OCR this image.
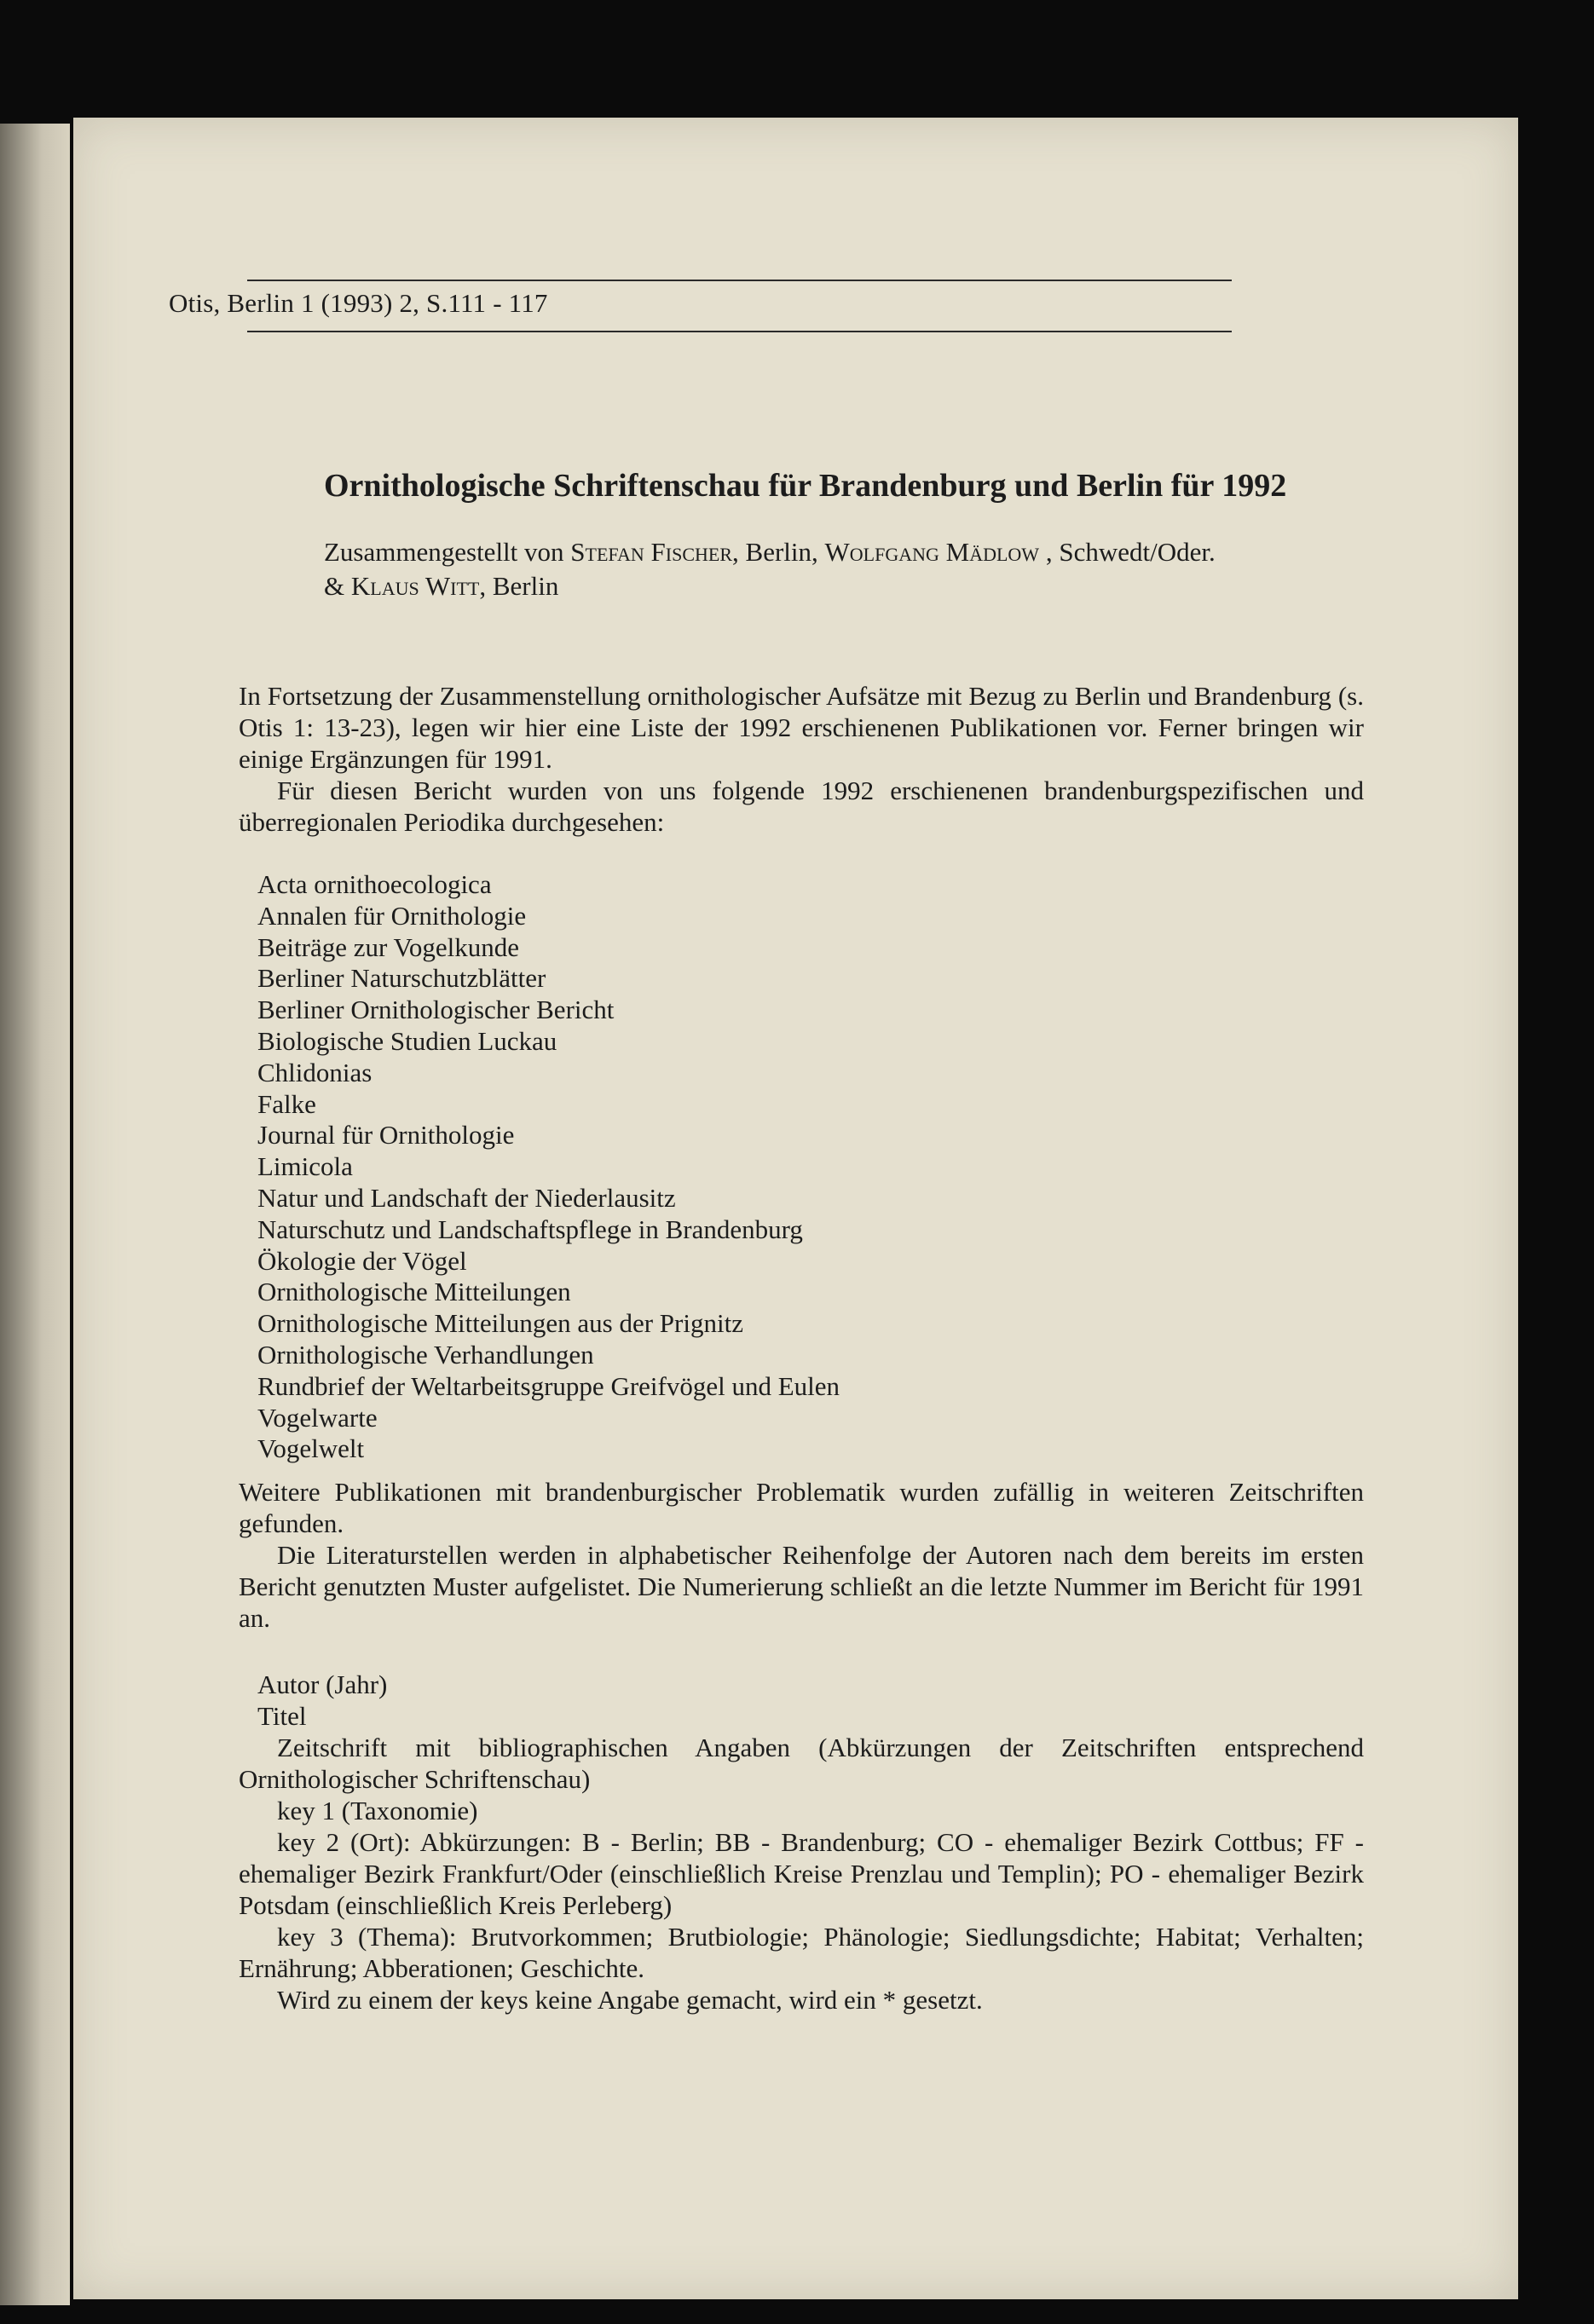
Otis, Berlin 1 (1993) 2, S.111 - 117
Ornithologische Schriftenschau für Brandenburg und Berlin für 1992
Zusammengestellt von Stefan Fischer, Berlin, Wolfgang Mädlow , Schwedt/Oder.
& Klaus Witt, Berlin

In Fortsetzung der Zusammenstellung ornithologischer Aufsätze mit Bezug zu Berlin und Brandenburg (s. Otis 1: 13-23), legen wir hier eine Liste der 1992 erschienenen Publikationen vor. Ferner bringen wir einige Ergänzungen für 1991.

Für diesen Bericht wurden von uns folgende 1992 erschienenen brandenburgspezifischen und überregionalen Periodika durchgesehen:

Acta ornithoecologica
Annalen für Ornithologie
Beiträge zur Vogelkunde
Berliner Naturschutzblätter
Berliner Ornithologischer Bericht
Biologische Studien Luckau
Chlidonias
Falke
Journal für Ornithologie
Limicola
Natur und Landschaft der Niederlausitz
Naturschutz und Landschaftspflege in Brandenburg
Ökologie der Vögel
Ornithologische Mitteilungen
Ornithologische Mitteilungen aus der Prignitz
Ornithologische Verhandlungen
Rundbrief der Weltarbeitsgruppe Greifvögel und Eulen
Vogelwarte
Vogelwelt

Weitere Publikationen mit brandenburgischer Problematik wurden zufällig in weiteren Zeitschriften gefunden.

Die Literaturstellen werden in alphabetischer Reihenfolge der Autoren nach dem bereits im ersten Bericht genutzten Muster aufgelistet. Die Numerierung schließt an die letzte Nummer im Bericht für 1991 an.

Autor (Jahr)
Titel

Zeitschrift mit bibliographischen Angaben (Abkürzungen der Zeitschriften entsprechend Ornithologischer Schriftenschau)

key 1 (Taxonomie)

key 2 (Ort): Abkürzungen: B - Berlin; BB - Brandenburg; CO - ehemaliger Bezirk Cottbus; FF - ehemaliger Bezirk Frankfurt/Oder (einschließlich Kreise Prenzlau und Templin); PO - ehemaliger Bezirk Potsdam (einschließlich Kreis Perleberg)

key 3 (Thema): Brutvorkommen; Brutbiologie; Phänologie; Siedlungsdichte; Habitat; Verhalten; Ernährung; Abberationen; Geschichte.

Wird zu einem der keys keine Angabe gemacht, wird ein * gesetzt.
